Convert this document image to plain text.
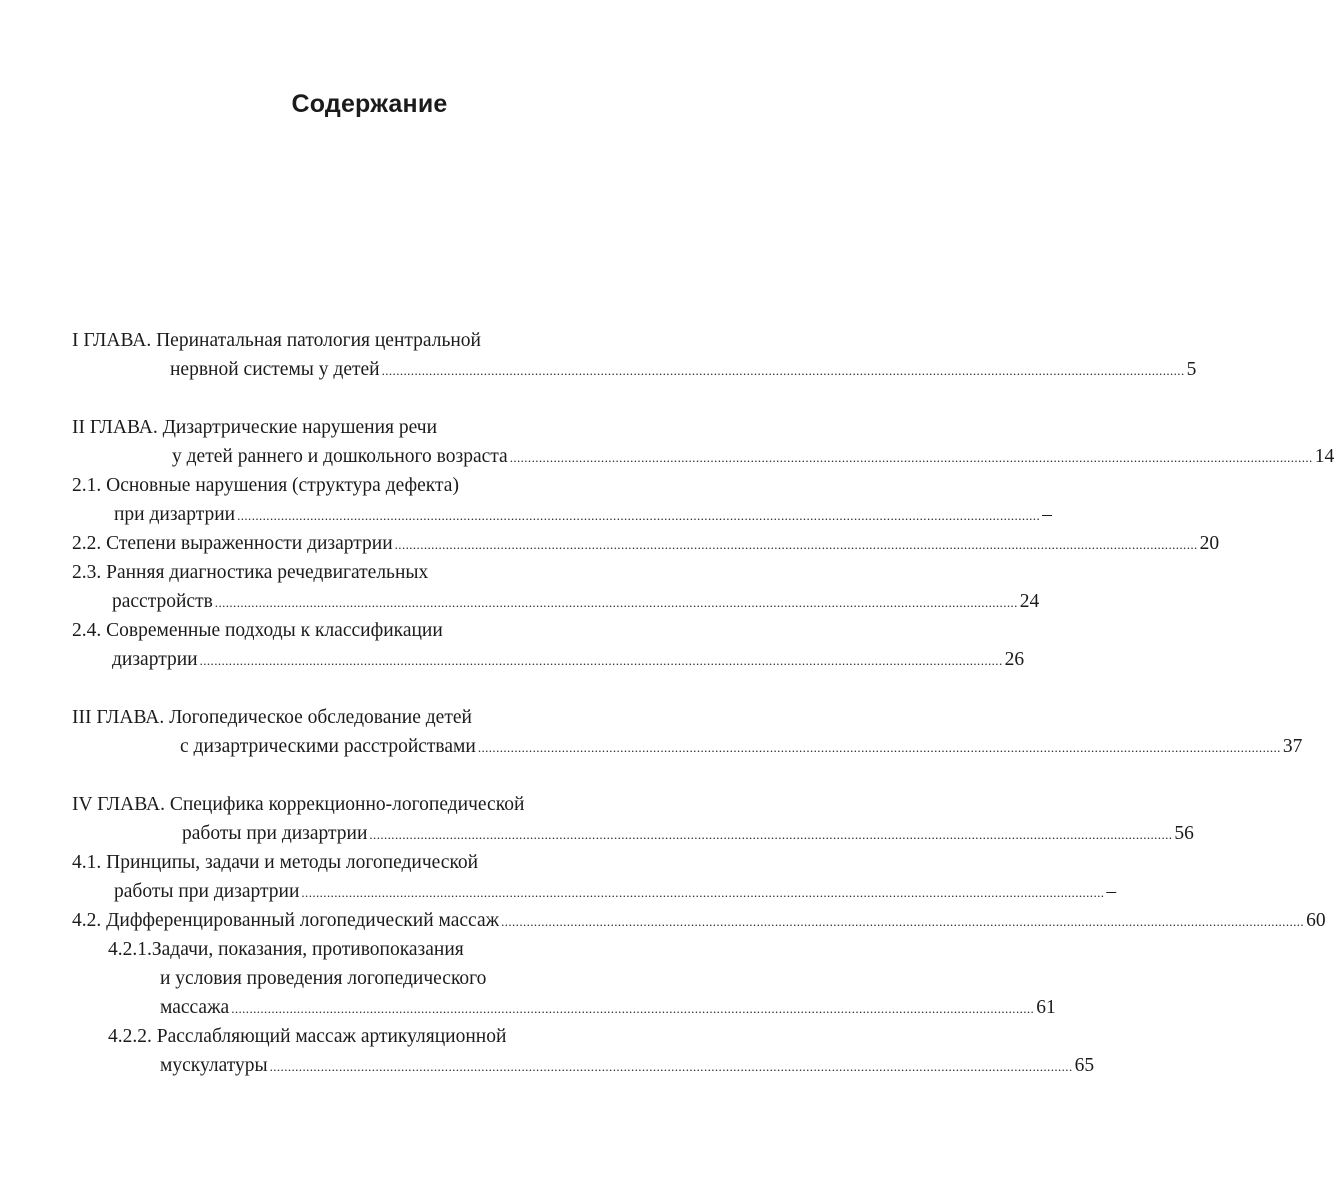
Содержание
I ГЛАВА. Перинатальная патология центральной
нервной системы у детей ............................................................................................................................................................................................................................ 5
II ГЛАВА. Дизартрические нарушения речи
у детей раннего и дошкольного возраста ............................................................................................................................................................................................................................ 14
2.1. Основные нарушения (структура дефекта)
при дизартрии ............................................................................................................................................................................................................................ –
2.2. Степени выраженности дизартрии ............................................................................................................................................................................................................................ 20
2.3. Ранняя диагностика речедвигательных
расстройств ............................................................................................................................................................................................................................ 24
2.4. Современные подходы к классификации
дизартрии ............................................................................................................................................................................................................................ 26
III ГЛАВА. Логопедическое обследование детей
с дизартрическими расстройствами ............................................................................................................................................................................................................................ 37
IV ГЛАВА. Специфика коррекционно-логопедической
работы при дизартрии ............................................................................................................................................................................................................................ 56
4.1. Принципы, задачи и методы логопедической
работы при дизартрии ............................................................................................................................................................................................................................ –
4.2. Дифференцированный логопедический массаж ............................................................................................................................................................................................................................ 60
4.2.1.Задачи, показания, противопоказания
и условия проведения логопедического
массажа ............................................................................................................................................................................................................................ 61
4.2.2. Расслабляющий массаж артикуляционной
мускулатуры ............................................................................................................................................................................................................................ 65
